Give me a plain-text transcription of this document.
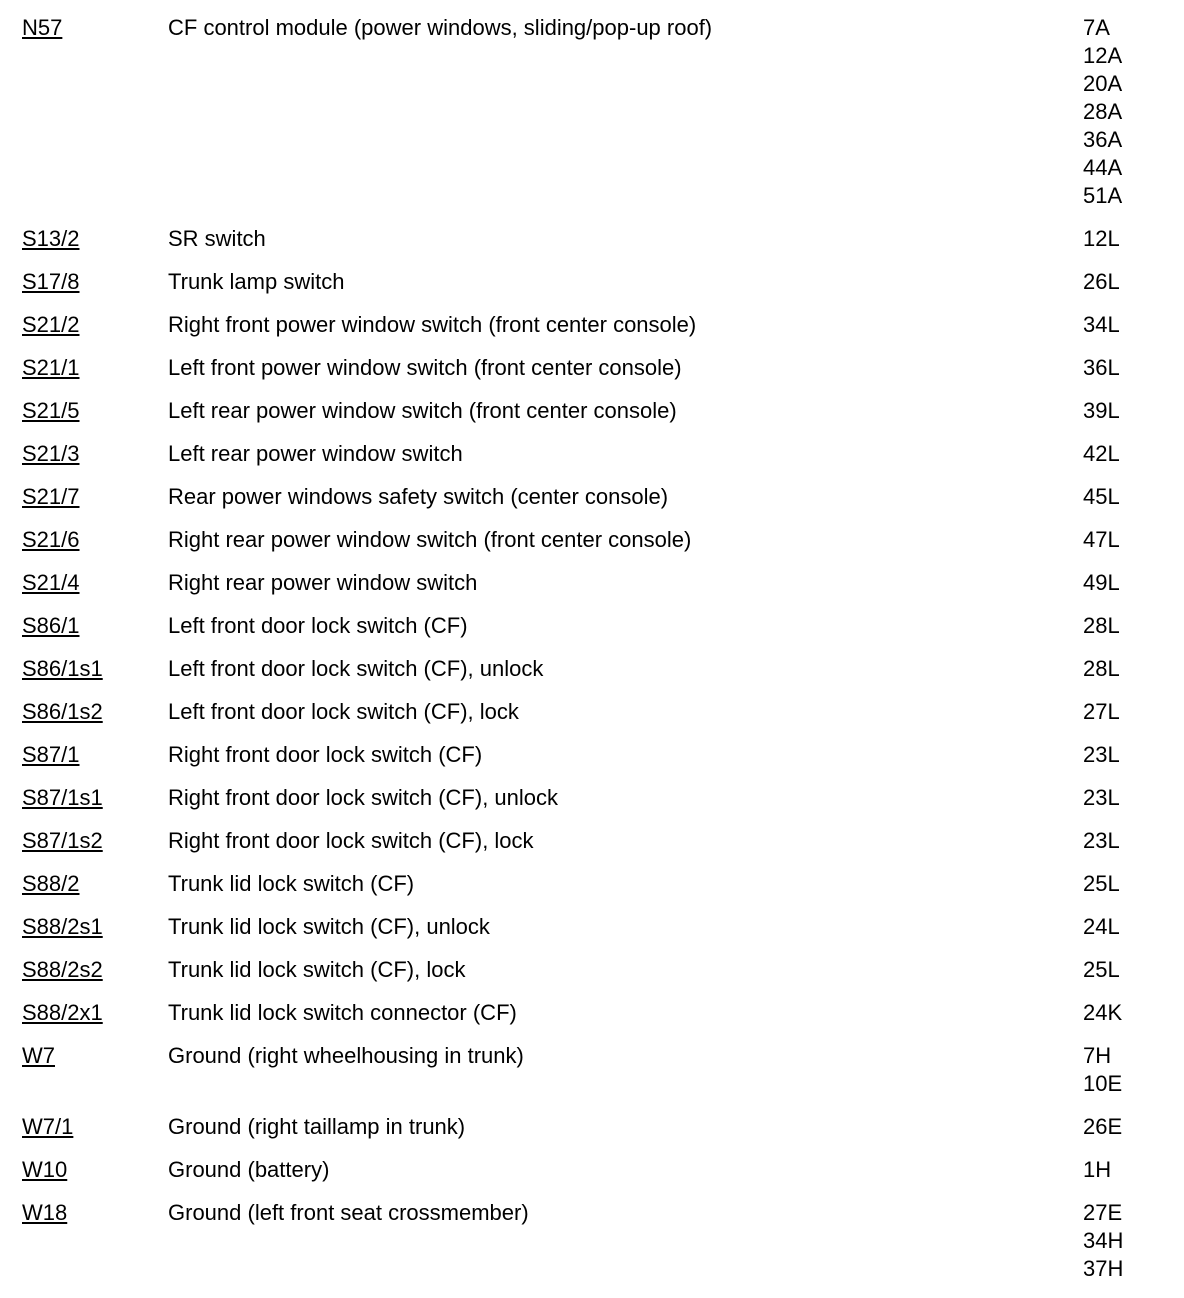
N57	CF control module (power windows, sliding/pop-up roof)	7A
12A
20A
28A
36A
44A
51A
S13/2	SR switch	12L
S17/8	Trunk lamp switch	26L
S21/2	Right front power window switch (front center console)	34L
S21/1	Left front power window switch (front center console)	36L
S21/5	Left rear power window switch (front center console)	39L
S21/3	Left rear power window switch	42L
S21/7	Rear power windows safety switch (center console)	45L
S21/6	Right rear power window switch (front center console)	47L
S21/4	Right rear power window switch	49L
S86/1	Left front door lock switch (CF)	28L
S86/1s1	Left front door lock switch (CF), unlock	28L
S86/1s2	Left front door lock switch (CF), lock	27L
S87/1	Right front door lock switch (CF)	23L
S87/1s1	Right front door lock switch (CF), unlock	23L
S87/1s2	Right front door lock switch (CF), lock	23L
S88/2	Trunk lid lock switch (CF)	25L
S88/2s1	Trunk lid lock switch (CF), unlock	24L
S88/2s2	Trunk lid lock switch (CF), lock	25L
S88/2x1	Trunk lid lock switch connector (CF)	24K
W7	Ground (right wheelhousing in trunk)	7H
10E
W7/1	Ground (right taillamp in trunk)	26E
W10	Ground (battery)	1H
W18	Ground (left front seat crossmember)	27E
34H
37H
